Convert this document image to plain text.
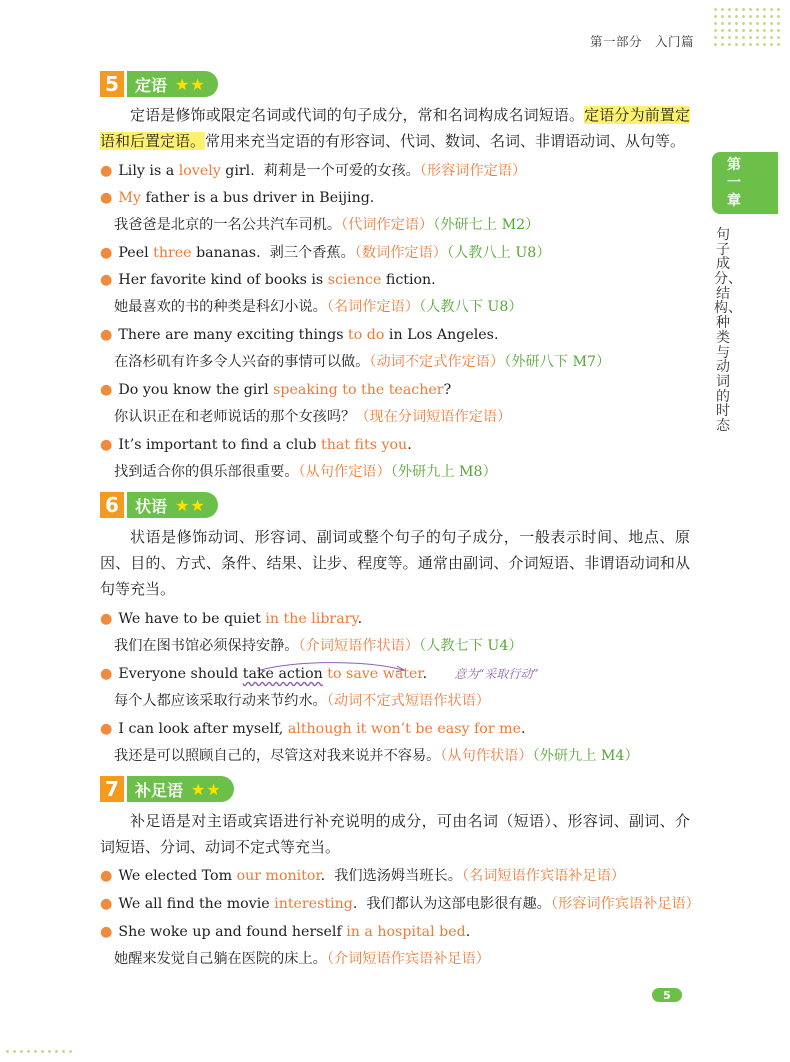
第一部分　入门篇
第
一
章
句子成分、结构、种类与动词的时态
5	定语 ★★

定语是修饰或限定名词或代词的句子成分，常和名词构成名词短语。定语分为前置定语和后置定语。常用来充当定语的有形容词、代词、数词、名词、非谓语动词、从句等。

● Lily is a lovely girl. 莉莉是一个可爱的女孩。（形容词作定语）
● My father is a bus driver in Beijing.
我爸爸是北京的一名公共汽车司机。（代词作定语）（外研七上 M2）
● Peel three bananas. 剥三个香蕉。（数词作定语）（人教八上 U8）
● Her favorite kind of books is science fiction.
她最喜欢的书的种类是科幻小说。（名词作定语）（人教八下 U8）
● There are many exciting things to do in Los Angeles.
在洛杉矶有许多令人兴奋的事情可以做。（动词不定式作定语）（外研八下 M7）
● Do you know the girl speaking to the teacher?
你认识正在和老师说话的那个女孩吗？（现在分词短语作定语）
● It’s important to find a club that fits you.
找到适合你的俱乐部很重要。（从句作定语）（外研九上 M8）
6	状语 ★★

状语是修饰动词、形容词、副词或整个句子的句子成分，一般表示时间、地点、原因、目的、方式、条件、结果、让步、程度等。通常由副词、介词短语、非谓语动词和从句等充当。

● We have to be quiet in the library.
我们在图书馆必须保持安静。（介词短语作状语）（人教七下 U4）
● Everyone should take action to save water. 意为“采取行动”
每个人都应该采取行动来节约水。（动词不定式短语作状语）
● I can look after myself, although it won’t be easy for me.
我还是可以照顾自己的，尽管这对我来说并不容易。（从句作状语）（外研九上 M4）
7	补足语 ★★

补足语是对主语或宾语进行补充说明的成分，可由名词（短语）、形容词、副词、介词短语、分词、动词不定式等充当。

● We elected Tom our monitor. 我们选汤姆当班长。（名词短语作宾语补足语）
● We all find the movie interesting. 我们都认为这部电影很有趣。（形容词作宾语补足语）
● She woke up and found herself in a hospital bed.
她醒来发觉自己躺在医院的床上。（介词短语作宾语补足语）
5
